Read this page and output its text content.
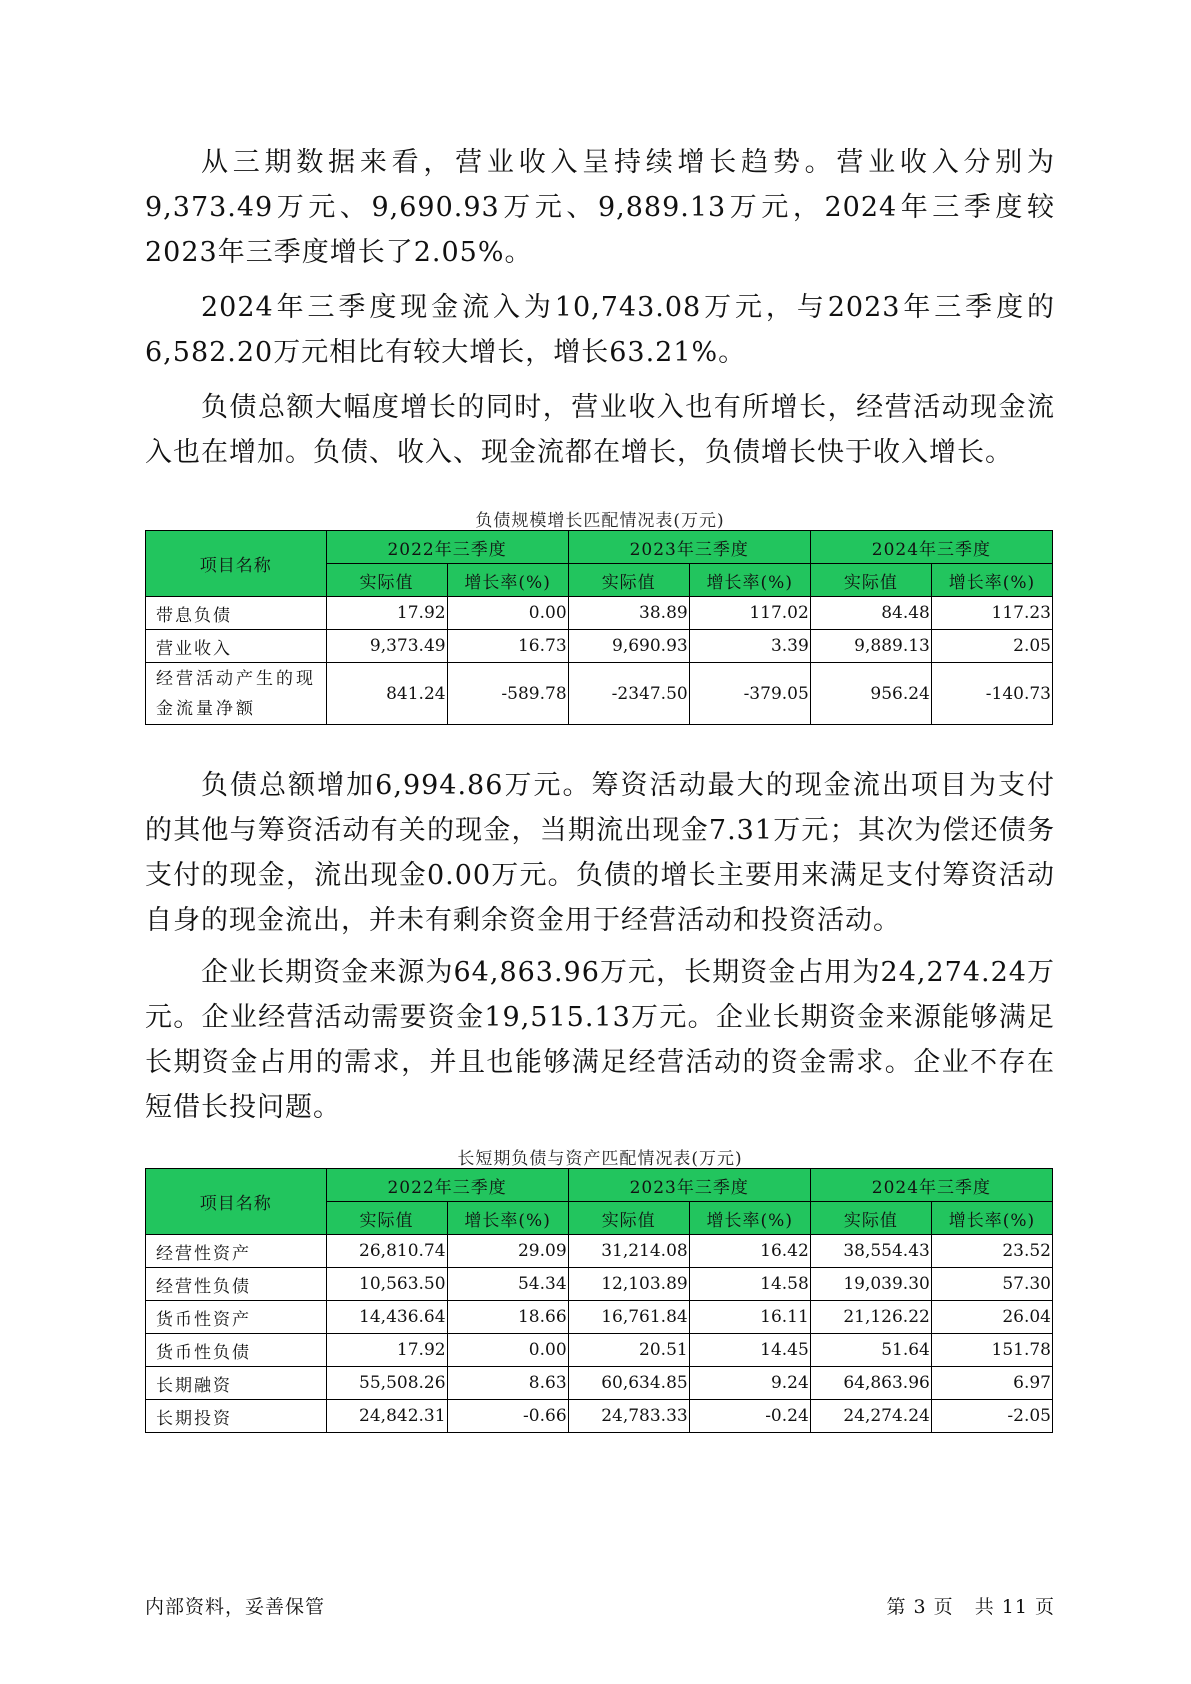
从三期数据来看，营业收入呈持续增长趋势。营业收入分别为9,373.49万元、9,690.93万元、9,889.13万元，2024年三季度较2023年三季度增长了2.05%。

2024年三季度现金流入为10,743.08万元，与2023年三季度的6,582.20万元相比有较大增长，增长63.21%。

负债总额大幅度增长的同时，营业收入也有所增长，经营活动现金流入也在增加。负债、收入、现金流都在增长，负债增长快于收入增长。

负债规模增长匹配情况表(万元)
项目名称	2022年三季度		2023年三季度		2024年三季度	
	实际值	增长率(%)	实际值	增长率(%)	实际值	增长率(%)
带息负债	17.92	0.00	38.89	117.02	84.48	117.23
营业收入	9,373.49	16.73	9,690.93	3.39	9,889.13	2.05
经营活动产生的现
金流量净额	841.24	-589.78	-2347.50	-379.05	956.24	-140.73

负债总额增加6,994.86万元。筹资活动最大的现金流出项目为支付的其他与筹资活动有关的现金，当期流出现金7.31万元；其次为偿还债务支付的现金，流出现金0.00万元。负债的增长主要用来满足支付筹资活动自身的现金流出，并未有剩余资金用于经营活动和投资活动。

企业长期资金来源为64,863.96万元，长期资金占用为24,274.24万元。企业经营活动需要资金19,515.13万元。企业长期资金来源能够满足长期资金占用的需求，并且也能够满足经营活动的资金需求。企业不存在短借长投问题。

长短期负债与资产匹配情况表(万元)
项目名称	2022年三季度		2023年三季度		2024年三季度	
	实际值	增长率(%)	实际值	增长率(%)	实际值	增长率(%)
经营性资产	26,810.74	29.09	31,214.08	16.42	38,554.43	23.52
经营性负债	10,563.50	54.34	12,103.89	14.58	19,039.30	57.30
货币性资产	14,436.64	18.66	16,761.84	16.11	21,126.22	26.04
货币性负债	17.92	0.00	20.51	14.45	51.64	151.78
长期融资	55,508.26	8.63	60,634.85	9.24	64,863.96	6.97
长期投资	24,842.31	-0.66	24,783.33	-0.24	24,274.24	-2.05
内部资料，妥善保管	第 3 页   共 11 页
